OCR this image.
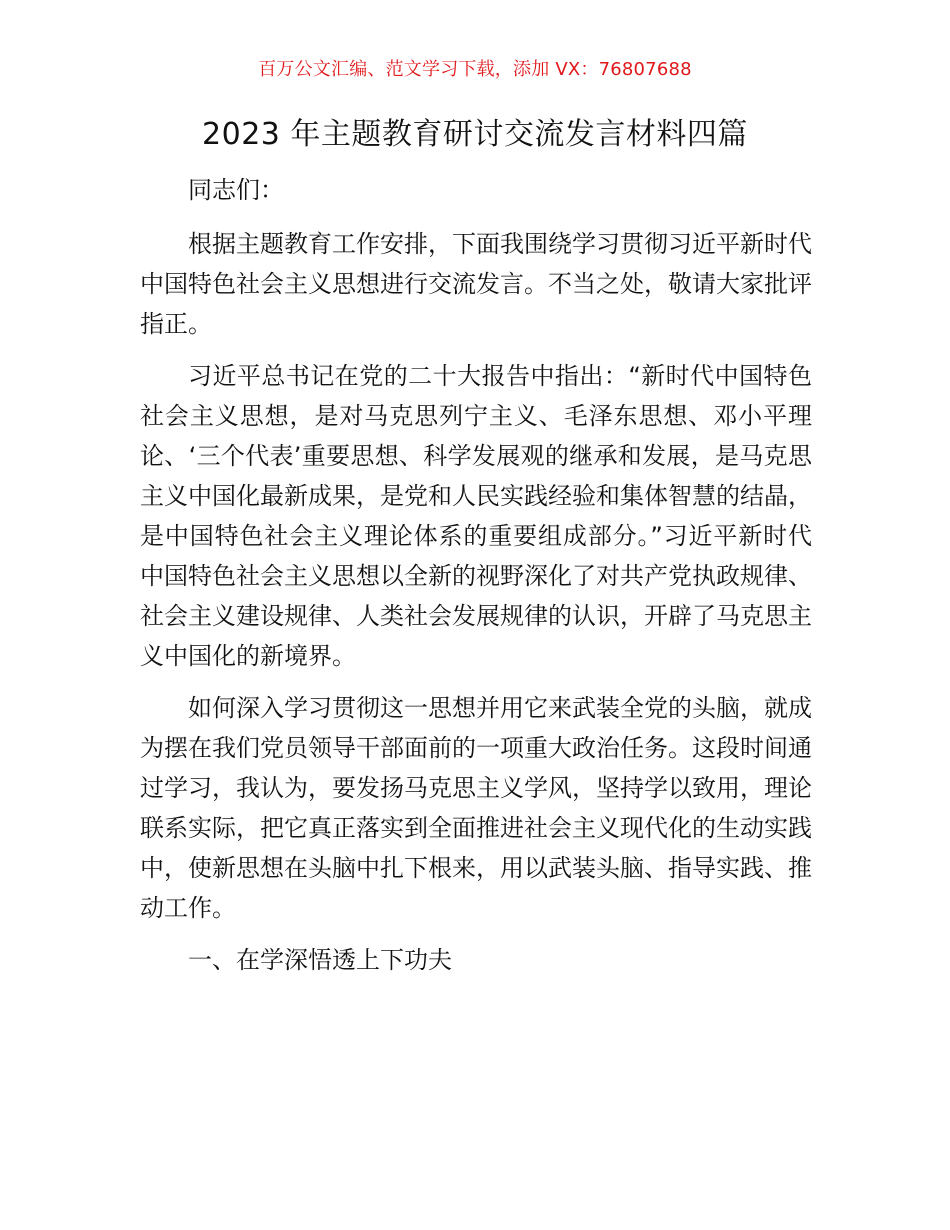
百万公文汇编、范文学习下载，添加 VX：76807688
2023 年主题教育研讨交流发言材料四篇

同志们：

根据主题教育工作安排，下面我围绕学习贯彻习近平新时代中国特色社会主义思想进行交流发言。不当之处，敬请大家批评指正。

习近平总书记在党的二十大报告中指出：“新时代中国特色社会主义思想，是对马克思列宁主义、毛泽东思想、邓小平理论、‘三个代表’重要思想、科学发展观的继承和发展，是马克思主义中国化最新成果，是党和人民实践经验和集体智慧的结晶，是中国特色社会主义理论体系的重要组成部分。”习近平新时代中国特色社会主义思想以全新的视野深化了对共产党执政规律、社会主义建设规律、人类社会发展规律的认识，开辟了马克思主义中国化的新境界。

如何深入学习贯彻这一思想并用它来武装全党的头脑，就成为摆在我们党员领导干部面前的一项重大政治任务。这段时间通过学习，我认为，要发扬马克思主义学风，坚持学以致用，理论联系实际，把它真正落实到全面推进社会主义现代化的生动实践中，使新思想在头脑中扎下根来，用以武装头脑、指导实践、推动工作。

一、在学深悟透上下功夫
